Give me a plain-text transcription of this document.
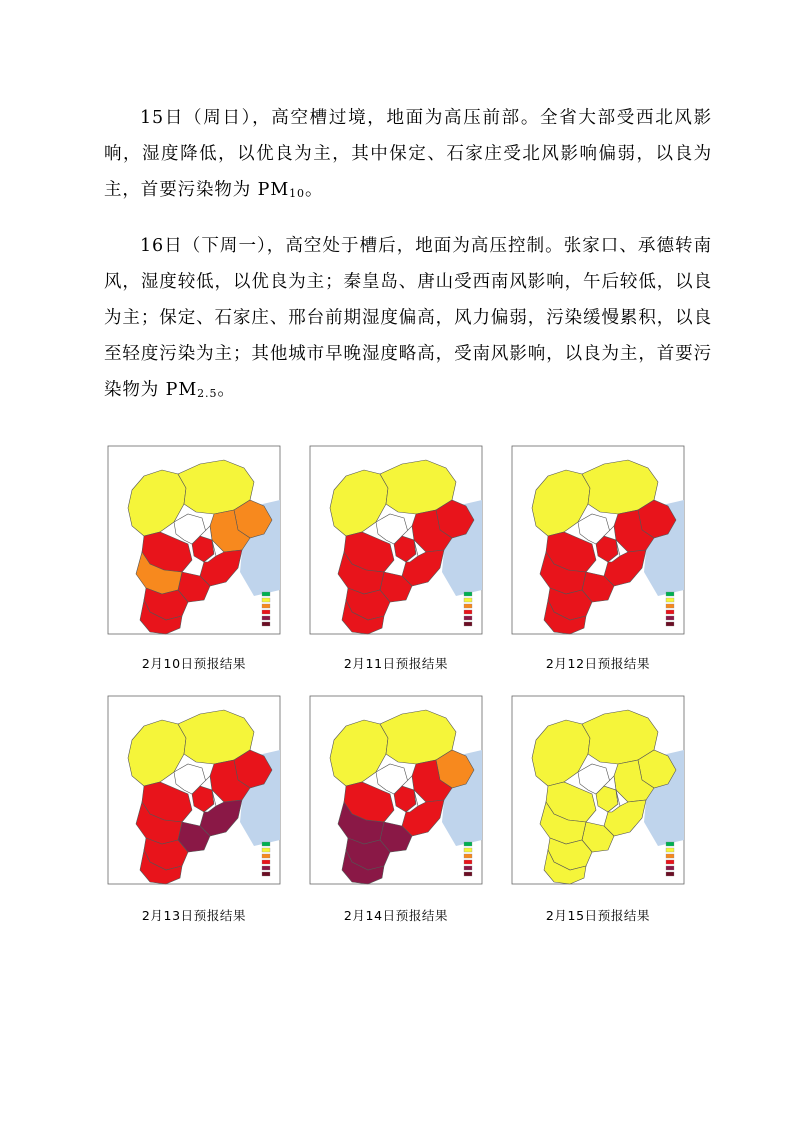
15日（周日），高空槽过境，地面为高压前部。全省大部受西北风影响，湿度降低，以优良为主，其中保定、石家庄受北风影响偏弱，以良为主，首要污染物为 $PM_{10}$。

16日（下周一），高空处于槽后，地面为高压控制。张家口、承德转南风，湿度较低，以优良为主；秦皇岛、唐山受西南风影响，午后较低，以良为主；保定、石家庄、邢台前期湿度偏高，风力偏弱，污染缓慢累积，以良至轻度污染为主；其他城市早晚湿度略高，受南风影响，以良为主，首要污染物为 $PM_{2.5}$。

2月10日预报结果	2月11日预报结果	2月12日预报结果
2月13日预报结果	2月14日预报结果	2月15日预报结果
